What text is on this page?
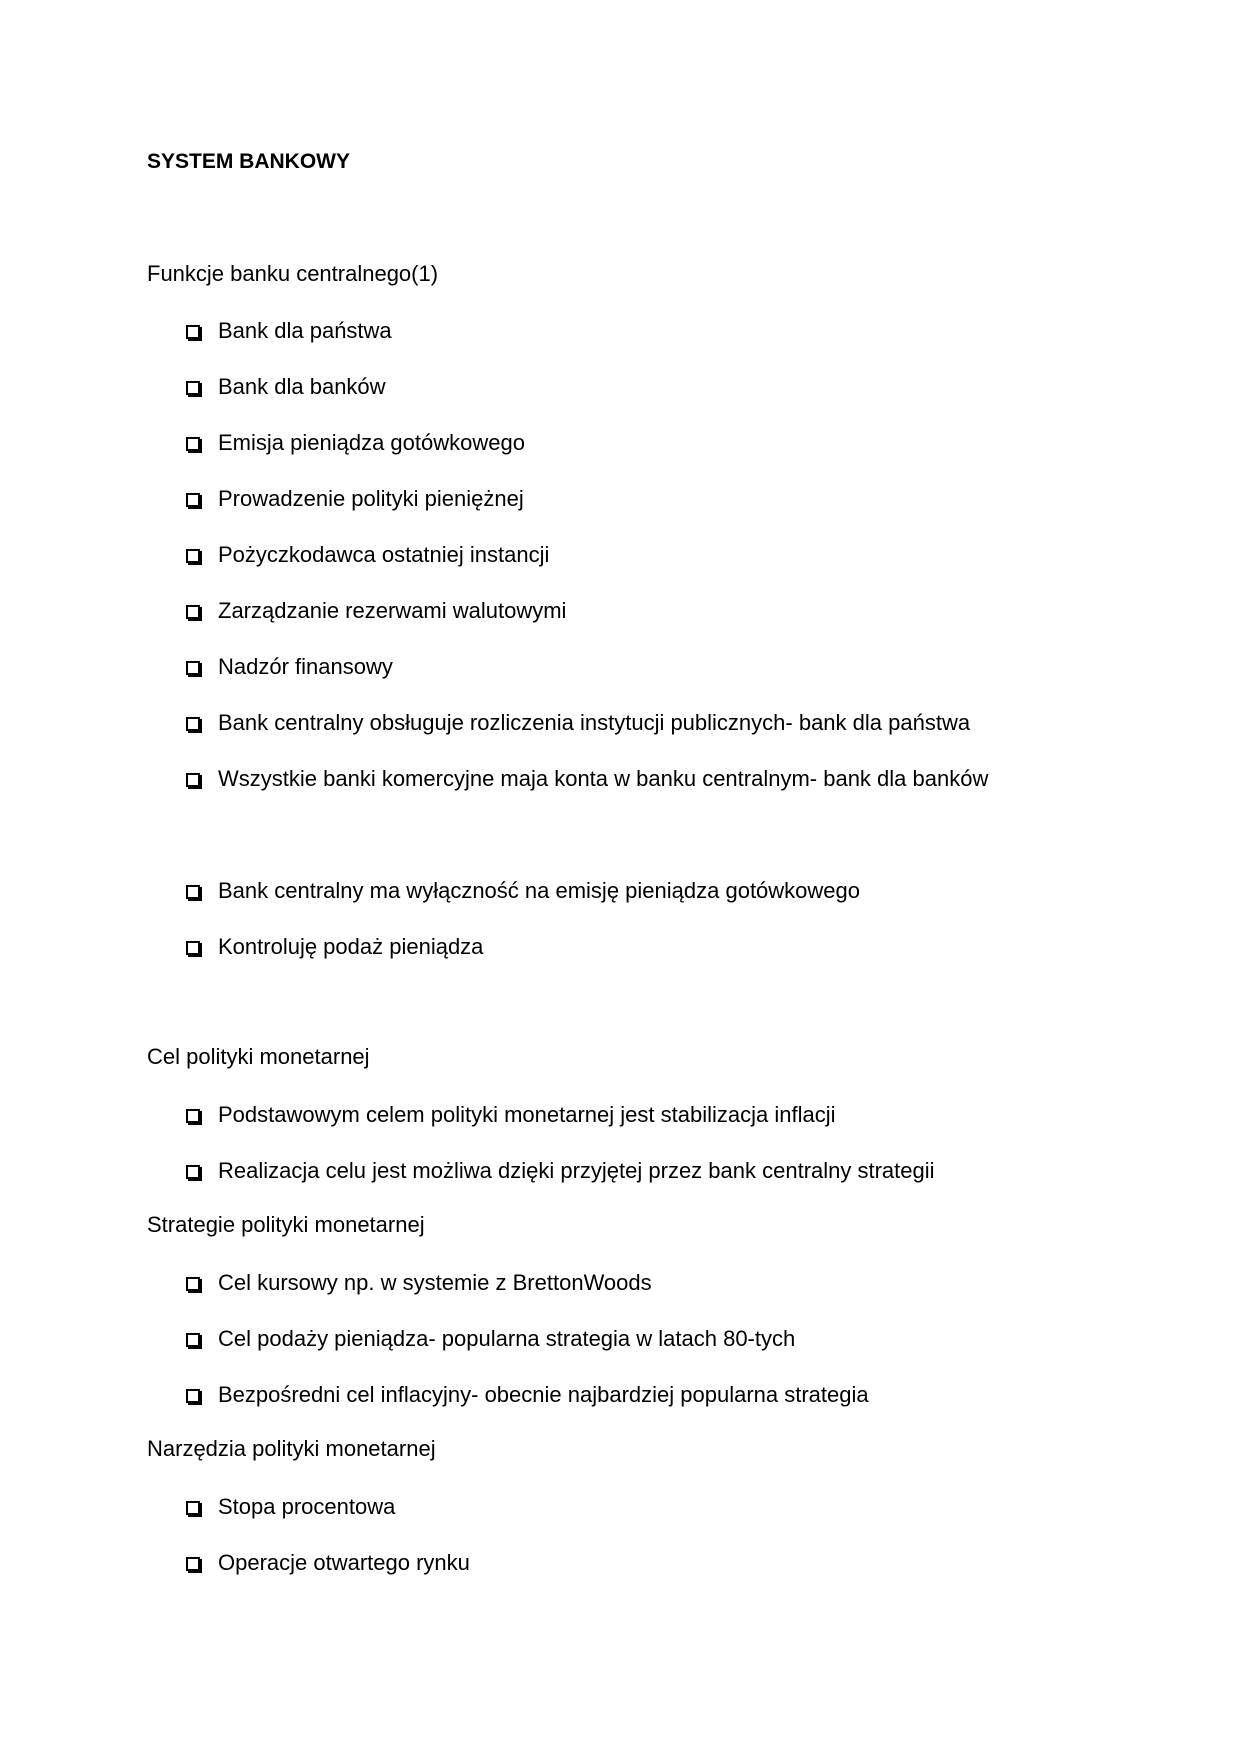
SYSTEM BANKOWY
Funkcje banku centralnego(1)
Bank dla państwa
Bank dla banków
Emisja pieniądza gotówkowego
Prowadzenie polityki pieniężnej
Pożyczkodawca ostatniej instancji
Zarządzanie rezerwami walutowymi
Nadzór finansowy
Bank centralny obsługuje rozliczenia instytucji publicznych- bank dla państwa
Wszystkie banki komercyjne maja konta w banku centralnym- bank dla banków
Bank centralny ma wyłączność na emisję pieniądza gotówkowego
Kontroluję podaż pieniądza
Cel polityki monetarnej
Podstawowym celem polityki monetarnej jest stabilizacja inflacji
Realizacja celu jest możliwa dzięki przyjętej przez bank centralny strategii
Strategie polityki monetarnej
Cel kursowy np. w systemie z BrettonWoods
Cel podaży pieniądza- popularna strategia w latach 80-tych
Bezpośredni cel inflacyjny- obecnie najbardziej popularna strategia
Narzędzia polityki monetarnej
Stopa procentowa
Operacje otwartego rynku
